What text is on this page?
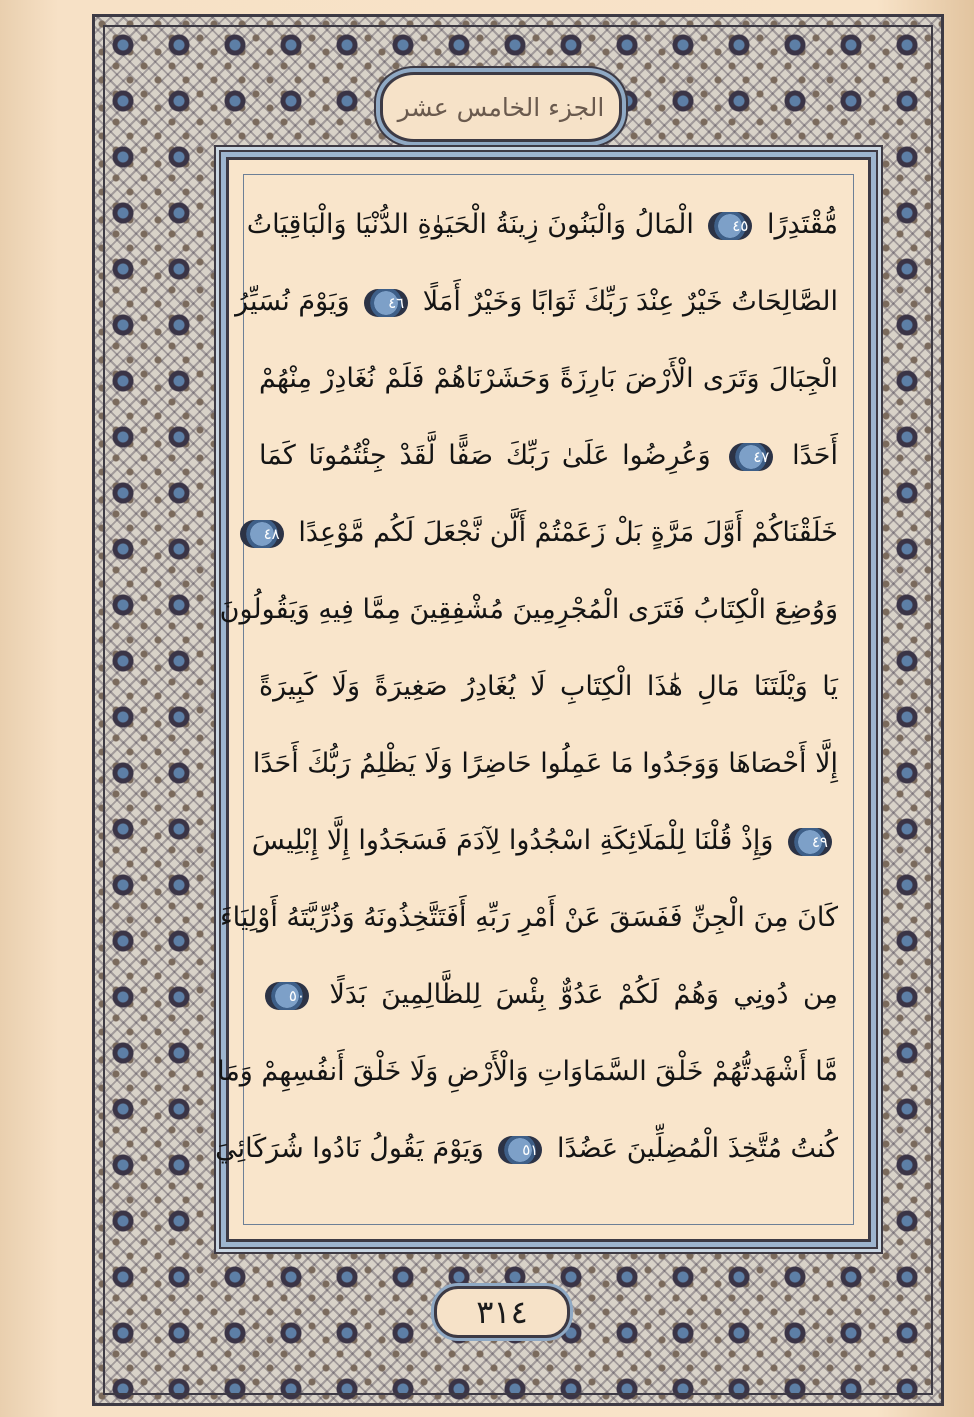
الجزء الخامس عشر
مُّقْتَدِرًا ٤٥ الْمَالُ وَالْبَنُونَ زِينَةُ الْحَيَوٰةِ الدُّنْيَا وَالْبَاقِيَاتُ
الصَّالِحَاتُ خَيْرٌ عِنْدَ رَبِّكَ ثَوَابًا وَخَيْرٌ أَمَلًا ٤٦ وَيَوْمَ نُسَيِّرُ
الْجِبَالَ وَتَرَى الْأَرْضَ بَارِزَةً وَحَشَرْنَاهُمْ فَلَمْ نُغَادِرْ مِنْهُمْ
أَحَدًا ٤٧ وَعُرِضُوا عَلَىٰ رَبِّكَ صَفًّا لَّقَدْ جِئْتُمُونَا كَمَا
خَلَقْنَاكُمْ أَوَّلَ مَرَّةٍ بَلْ زَعَمْتُمْ أَلَّن نَّجْعَلَ لَكُم مَّوْعِدًا ٤٨
وَوُضِعَ الْكِتَابُ فَتَرَى الْمُجْرِمِينَ مُشْفِقِينَ مِمَّا فِيهِ وَيَقُولُونَ
يَا وَيْلَتَنَا مَالِ هَٰذَا الْكِتَابِ لَا يُغَادِرُ صَغِيرَةً وَلَا كَبِيرَةً
إِلَّا أَحْصَاهَا وَوَجَدُوا مَا عَمِلُوا حَاضِرًا وَلَا يَظْلِمُ رَبُّكَ أَحَدًا
٤٩ وَإِذْ قُلْنَا لِلْمَلَائِكَةِ اسْجُدُوا لِآدَمَ فَسَجَدُوا إِلَّا إِبْلِيسَ
كَانَ مِنَ الْجِنِّ فَفَسَقَ عَنْ أَمْرِ رَبِّهِ أَفَتَتَّخِذُونَهُ وَذُرِّيَّتَهُ أَوْلِيَاءَ
مِن دُونِي وَهُمْ لَكُمْ عَدُوٌّ بِئْسَ لِلظَّالِمِينَ بَدَلًا ٥٠
مَّا أَشْهَدتُّهُمْ خَلْقَ السَّمَاوَاتِ وَالْأَرْضِ وَلَا خَلْقَ أَنفُسِهِمْ وَمَا
كُنتُ مُتَّخِذَ الْمُضِلِّينَ عَضُدًا ٥١ وَيَوْمَ يَقُولُ نَادُوا شُرَكَائِيَ
٣١٤
